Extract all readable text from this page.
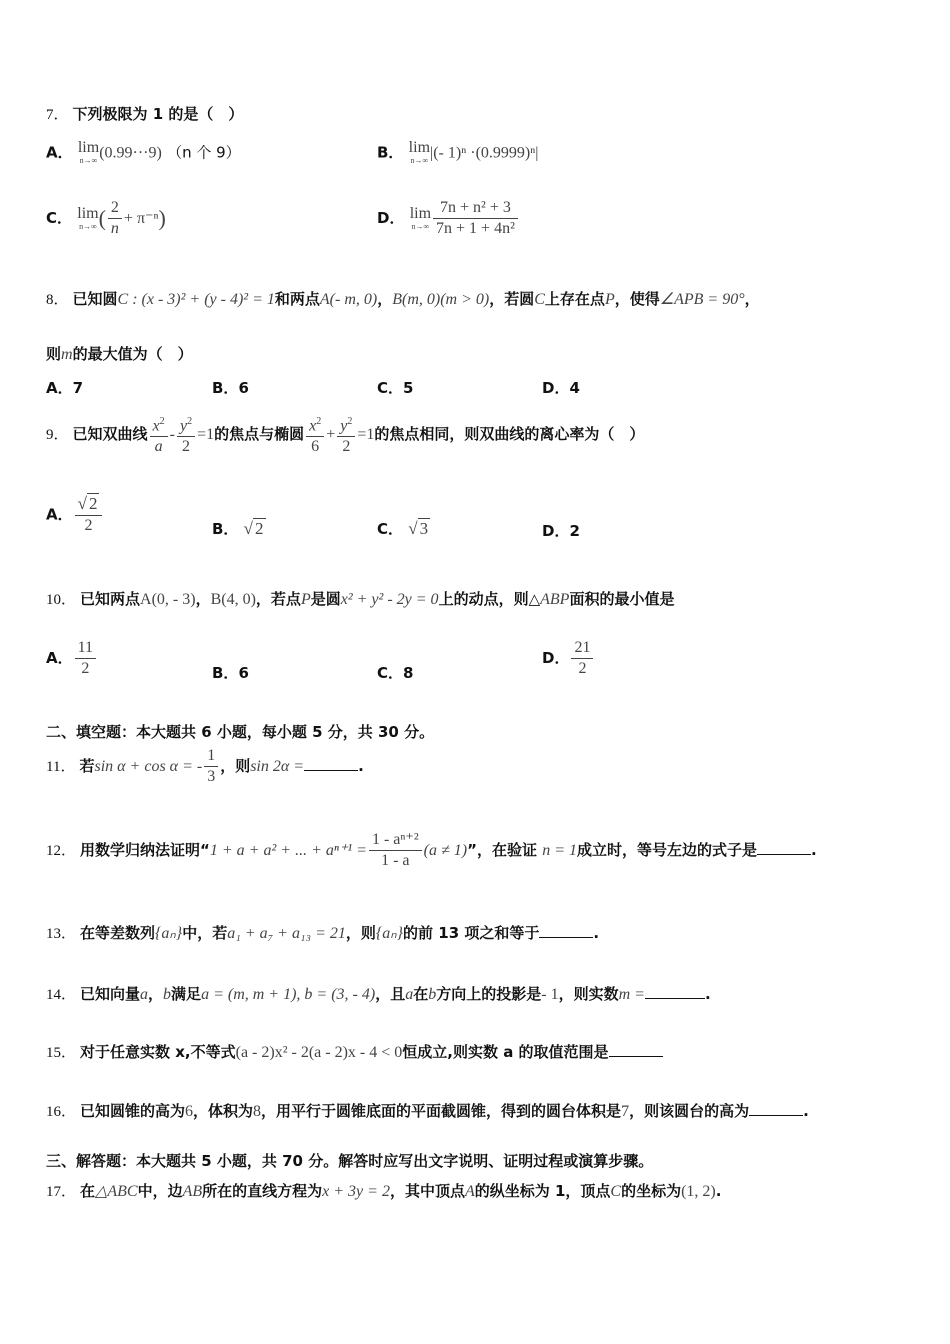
7． 下列极限为 1 的是（　）
A． lim
n→∞ (0.99···9) （n 个 9）	B． lim
n→∞ |(- 1)ⁿ ·(0.9999)ⁿ|
C． lim
n→∞ ( $\frac{2}{n} + \pi^{-n}$)	D． lim
$n\to\infty \frac{\text{7n + n² + 3}}{\text{7n + 1 + 4n²}}$
8． 已知圆C : (x - 3)² + (y - 4)² = 1和两点A(- m, 0)，B(m, 0)(m > 0)，若圆C上存在点P，使得∠APB = 90°，
则m的最大值为（　）
A．7	B．6	C．5	D．4
9． 已知双曲线 $\frac{x^2}{a} - \frac{y^2}{2} =1$的焦点与椭圆 $\frac{x^2}{6} + \frac{y^2}{2} =1$的焦点相同，则双曲线的离心率为（　）
A． $\frac{√ 2}{2}$	B． √ 2	C． √ 3	D．2
10． 已知两点A(0, - 3)，B(4, 0)，若点P是圆x² + y² - 2y = 0上的动点，则△ABP面积的最小值是
A． $\frac{11}{2}$	B．6	C．8
D． $\frac{21}{2}$
二、填空题：本大题共 6 小题，每小题 5 分，共 30 分。
11． 若sin α + cos α = - $\frac{1}{3}$ ，则sin 2α =	.
12． 用数学归纳法证明“1 + a + a² + ... + $a^{n+1} = \frac{\text{1 - aⁿ⁺²}}{1 - a} (a \ne 1)$”，在验证 n = 1成立时，等号左边的式子是	.
13． 在等差数列{aₙ}中，若a₁ + a₇ + a₁₃ = 21，则{aₙ}的前 13 项之和等于	.
14． 已知向量a，b满足a = (m, m + 1), b = (3, - 4)，且a在b方向上的投影是- 1，则实数m =	.
15． 对于任意实数 x,不等式(a - 2)x² - 2(a - 2)x - 4 < 0恒成立,则实数 a 的取值范围是
16． 已知圆锥的高为6，体积为8，用平行于圆锥底面的平面截圆锥，得到的圆台体积是7，则该圆台的高为	.
三、解答题：本大题共 5 小题，共 70 分。解答时应写出文字说明、证明过程或演算步骤。
17． 在△ABC中，边AB所在的直线方程为x + 3y = 2，其中顶点A的纵坐标为 1，顶点C的坐标为(1, 2).
